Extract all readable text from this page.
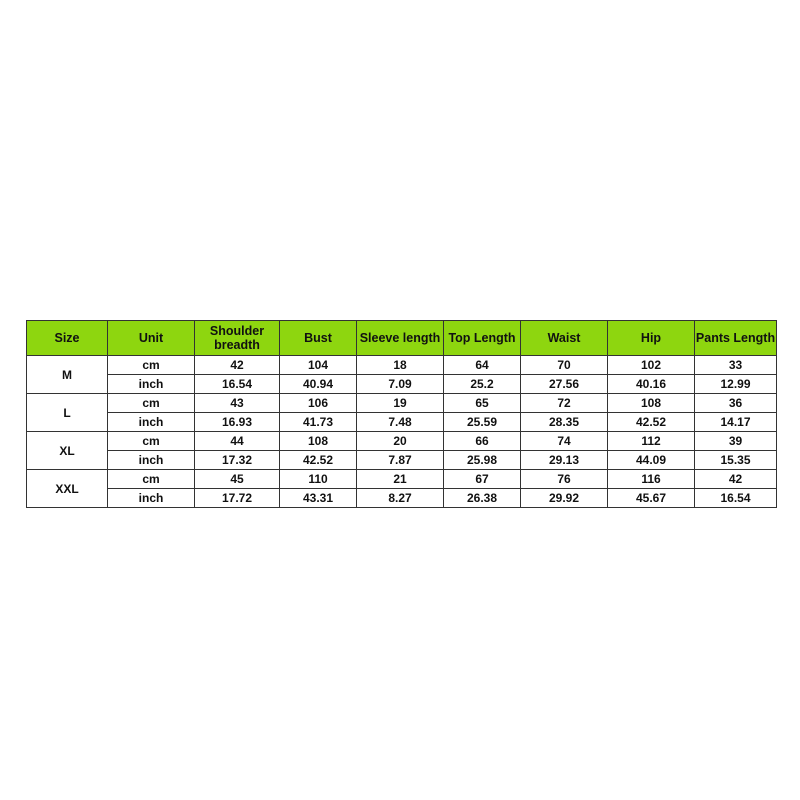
Size	Unit	Shoulder breadth	Bust	Sleeve length	Top Length	Waist	Hip	Pants Length
M	cm	42	104	18	64	70	102	33
	inch	16.54	40.94	7.09	25.2	27.56	40.16	12.99
L	cm	43	106	19	65	72	108	36
	inch	16.93	41.73	7.48	25.59	28.35	42.52	14.17
XL	cm	44	108	20	66	74	112	39
	inch	17.32	42.52	7.87	25.98	29.13	44.09	15.35
XXL	cm	45	110	21	67	76	116	42
	inch	17.72	43.31	8.27	26.38	29.92	45.67	16.54
